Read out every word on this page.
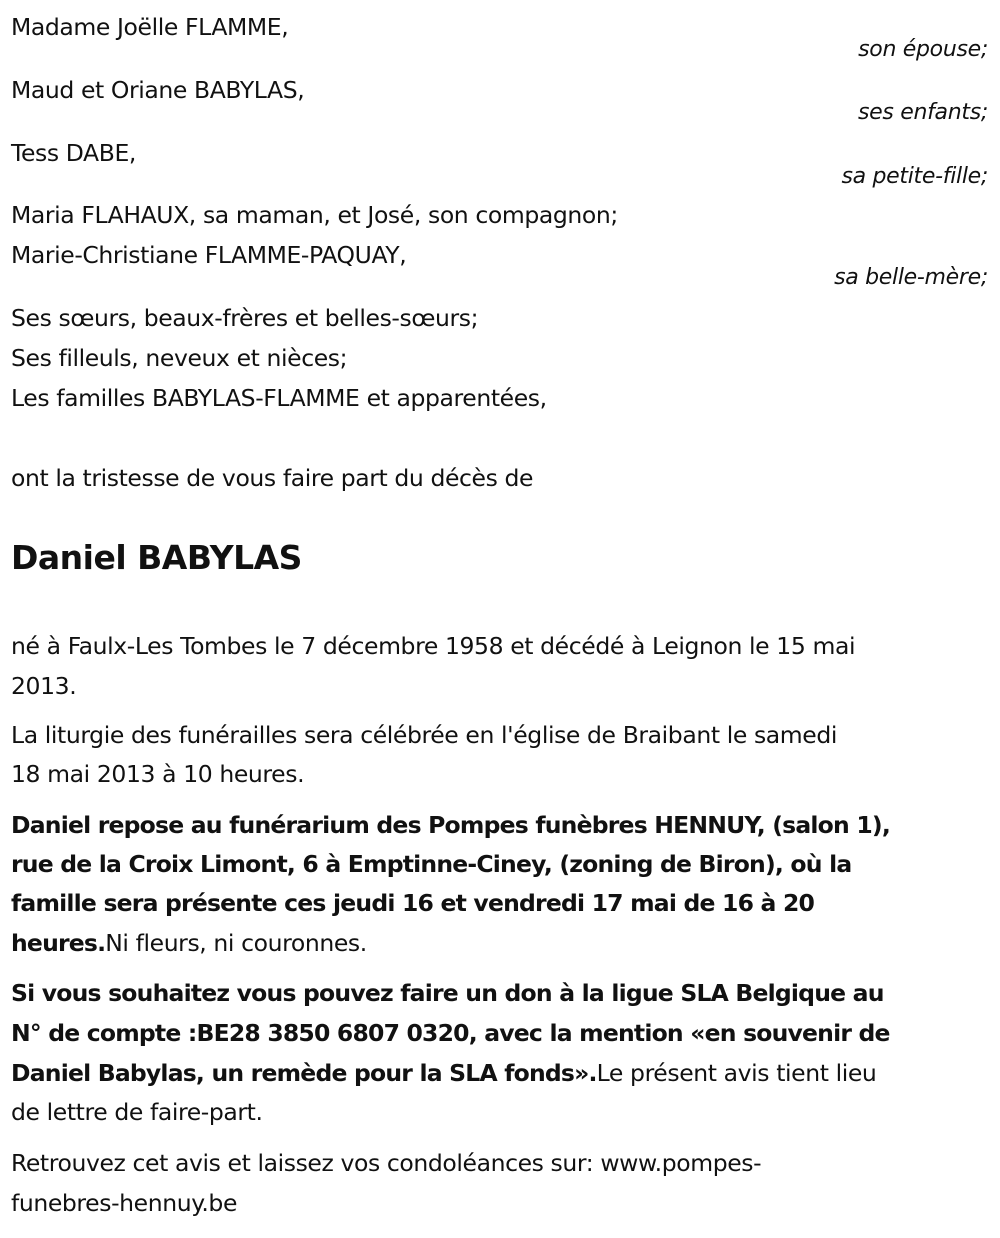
Madame Joëlle FLAMME,
son épouse;
Maud et Oriane BABYLAS,
ses enfants;
Tess DABE,
sa petite-fille;
Maria FLAHAUX, sa maman, et José, son compagnon;
Marie-Christiane FLAMME-PAQUAY,
sa belle-mère;
Ses sœurs, beaux-frères et belles-sœurs;
Ses filleuls, neveux et nièces;
Les familles BABYLAS-FLAMME et apparentées,
ont la tristesse de vous faire part du décès de
Daniel BABYLAS
né à Faulx-Les Tombes le 7 décembre 1958 et décédé à Leignon le 15 mai
2013.
La liturgie des funérailles sera célébrée en l'église de Braibant le samedi
18 mai 2013 à 10 heures.
Daniel repose au funérarium des Pompes funèbres HENNUY, (salon 1),
rue de la Croix Limont, 6 à Emptinne-Ciney, (zoning de Biron), où la
famille sera présente ces jeudi 16 et vendredi 17 mai de 16 à 20
heures.Ni fleurs, ni couronnes.
Si vous souhaitez vous pouvez faire un don à la ligue SLA Belgique au
N° de compte :BE28 3850 6807 0320, avec la mention «en souvenir de
Daniel Babylas, un remède pour la SLA fonds».Le présent avis tient lieu
de lettre de faire-part.
Retrouvez cet avis et laissez vos condoléances sur: www.pompes-
funebres-hennuy.be
